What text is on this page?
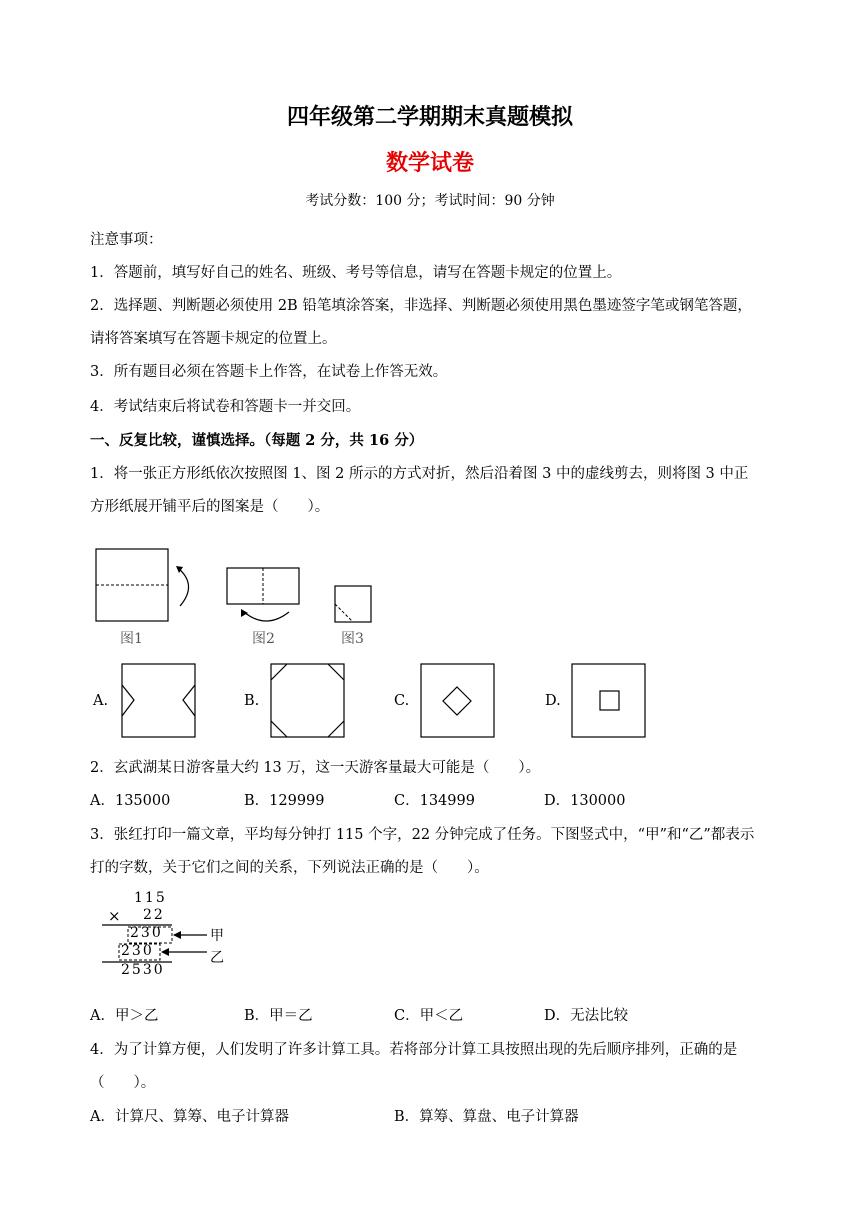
四年级第二学期期末真题模拟
数学试卷
考试分数：100 分；考试时间：90 分钟
注意事项：
1．答题前，填写好自己的姓名、班级、考号等信息，请写在答题卡规定的位置上。
2．选择题、判断题必须使用 2B 铅笔填涂答案，非选择、判断题必须使用黑色墨迹签字笔或钢笔答题，
请将答案填写在答题卡规定的位置上。
3．所有题目必须在答题卡上作答，在试卷上作答无效。
4．考试结束后将试卷和答题卡一并交回。
一、反复比较，谨慎选择。（每题 2 分，共 16 分）
1．将一张正方形纸依次按照图 1、图 2 所示的方式对折，然后沿着图 3 中的虚线剪去，则将图 3 中正
方形纸展开铺平后的图案是（　　）。
图1	图2	图3
A.	B.	C.	D.
2．玄武湖某日游客量大约 13 万，这一天游客量最大可能是（　　）。
A．135000	B．129999	C．134999	D．130000
3．张红打印一篇文章，平均每分钟打 115 个字，22 分钟完成了任务。下图竖式中，“甲”和“乙”都表示
打的字数，关于它们之间的关系，下列说法正确的是（　　）。
115
× 22
230
230
2530
甲
乙
A．甲＞乙	B．甲＝乙	C．甲＜乙	D．无法比较
4．为了计算方便，人们发明了许多计算工具。若将部分计算工具按照出现的先后顺序排列，正确的是
（　　）。
A．计算尺、算筹、电子计算器	B．算筹、算盘、电子计算器
